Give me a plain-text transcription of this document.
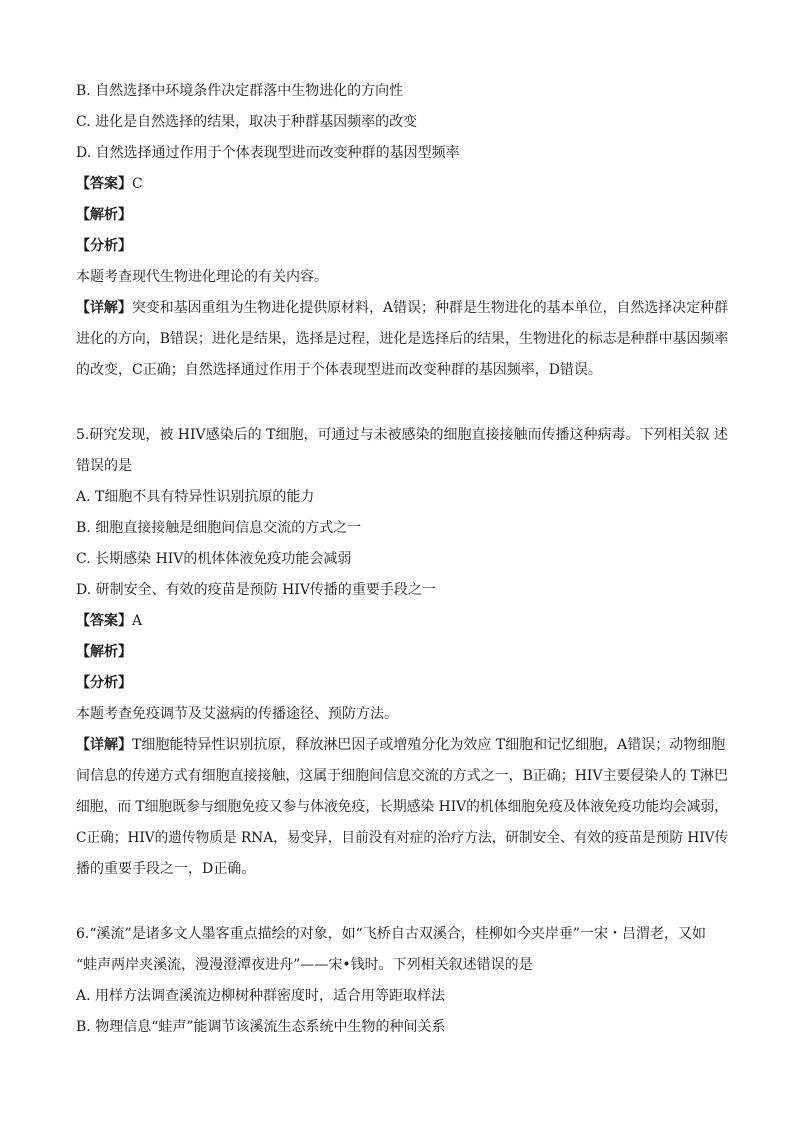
B. 自然选择中环境条件决定群落中生物进化的方向性
C. 进化是自然选择的结果，取决于种群基因频率的改变
D. 自然选择通过作用于个体表现型进而改变种群的基因型频率
【答案】C
【解析】
【分析】
本题考查现代生物进化理论的有关内容。
【详解】突变和基因重组为生物进化提供原材料，A错误；种群是生物进化的基本单位，自然选择决定种群
进化的方向，B错误；进化是结果，选择是过程，进化是选择后的结果，生物进化的标志是种群中基因频率
的改变，C正确；自然选择通过作用于个体表现型进而改变种群的基因频率，D错误。
5.研究发现，被 HIV感染后的 T细胞，可通过与未被感染的细胞直接接触而传播这种病毒。下列相关叙 述
错误的是
A. T细胞不具有特异性识别抗原的能力
B. 细胞直接接触是细胞间信息交流的方式之一
C. 长期感染 HIV的机体体液免疫功能会减弱
D. 研制安全、有效的疫苗是预防 HIV传播的重要手段之一
【答案】A
【解析】
【分析】
本题考查免疫调节及艾滋病的传播途径、预防方法。
【详解】T细胞能特异性识别抗原，释放淋巴因子或增殖分化为效应 T细胞和记忆细胞，A错误；动物细胞
间信息的传递方式有细胞直接接触，这属于细胞间信息交流的方式之一，B正确；HIV主要侵染人的 T淋巴
细胞，而 T细胞既参与细胞免疫又参与体液免疫，长期感染 HIV的机体细胞免疫及体液免疫功能均会减弱，
C正确；HIV的遗传物质是 RNA，易变异，目前没有对症的治疗方法，研制安全、有效的疫苗是预防 HIV传
播的重要手段之一，D正确。
6.“溪流”是诸多文人墨客重点描绘的对象，如“飞桥自古双溪合，桂柳如今夹岸垂”一宋・吕渭老，又如
“蛙声两岸夹溪流，漫漫澄潭夜进舟”——宋•钱时。下列相关叙述错误的是
A. 用样方法调查溪流边柳树种群密度时，适合用等距取样法
B. 物理信息“蛙声”能调节该溪流生态系统中生物的种间关系
